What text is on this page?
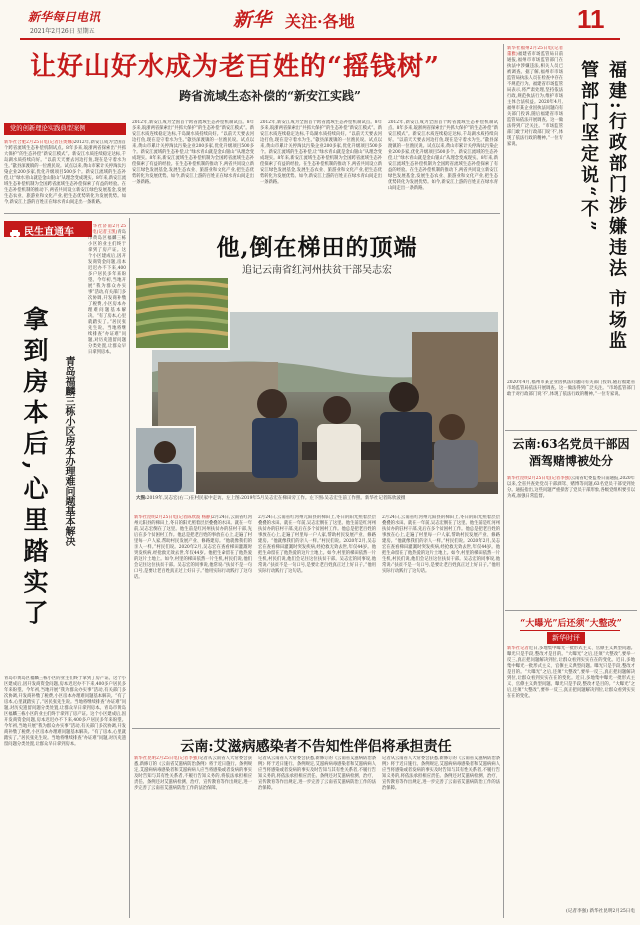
新华每日电讯
2021年2月26日 星期五
新华 关注·各地	11
让好山好水成为老百姓的“摇钱树”
跨省流域生态补偿的“新安江实践”
党的创新理论实践典型案例
新华社合肥2月25日电(记者汪奥娜)2012年,新安江成为全国首个跨省流域生态补偿机制试点。8年多来,皖浙两省探索出“共抓大保护”的生态补偿“新安江模式”。新安江水质连续稳定达标,千岛湖水质持续向好。“以前天天要去河边打鱼,现在是守着水为生。”歙县深渡镇的一位渔民说。试点以来,黄山市累计关停淘汰污染企业200多家,优化升级项目500多个。新安江流域的生态补偿,让“绿水青山就是金山银山”从理念变成现实。8年来,新安江流域生态补偿机制为全国跨省流域生态补偿探索了有益的经验。在生态补偿机制的推动下,两省共同设立新安江绿色发展基金,发展生态农业、旅游业和文化产业,把生态优势转化为发展优势。如今,新安江上游的百姓正在绿水青山间走出一条新路。
2012年,新安江成为全国首个跨省流域生态补偿机制试点。8年多来,皖浙两省探索出“共抓大保护”的生态补偿“新安江模式”。新安江水质连续稳定达标,千岛湖水质持续向好。“以前天天要去河边打鱼,现在是守着水为生。”歙县深渡镇的一位渔民说。试点以来,黄山市累计关停淘汰污染企业200多家,优化升级项目500多个。新安江流域的生态补偿,让“绿水青山就是金山银山”从理念变成现实。8年来,新安江流域生态补偿机制为全国跨省流域生态补偿探索了有益的经验。在生态补偿机制的推动下,两省共同设立新安江绿色发展基金,发展生态农业、旅游业和文化产业,把生态优势转化为发展优势。如今,新安江上游的百姓正在绿水青山间走出一条新路。
2012年,新安江成为全国首个跨省流域生态补偿机制试点。8年多来,皖浙两省探索出“共抓大保护”的生态补偿“新安江模式”。新安江水质连续稳定达标,千岛湖水质持续向好。“以前天天要去河边打鱼,现在是守着水为生。”歙县深渡镇的一位渔民说。试点以来,黄山市累计关停淘汰污染企业200多家,优化升级项目500多个。新安江流域的生态补偿,让“绿水青山就是金山银山”从理念变成现实。8年来,新安江流域生态补偿机制为全国跨省流域生态补偿探索了有益的经验。在生态补偿机制的推动下,两省共同设立新安江绿色发展基金,发展生态农业、旅游业和文化产业,把生态优势转化为发展优势。如今,新安江上游的百姓正在绿水青山间走出一条新路。
2012年,新安江成为全国首个跨省流域生态补偿机制试点。8年多来,皖浙两省探索出“共抓大保护”的生态补偿“新安江模式”。新安江水质连续稳定达标,千岛湖水质持续向好。“以前天天要去河边打鱼,现在是守着水为生。”歙县深渡镇的一位渔民说。试点以来,黄山市累计关停淘汰污染企业200多家,优化升级项目500多个。新安江流域的生态补偿,让“绿水青山就是金山银山”从理念变成现实。8年来,新安江流域生态补偿机制为全国跨省流域生态补偿探索了有益的经验。在生态补偿机制的推动下,两省共同设立新安江绿色发展基金,发展生态农业、旅游业和文化产业,把生态优势转化为发展优势。如今,新安江上游的百姓正在绿水青山间走出一条新路。
民生直通车
拿到房本后,心里踏实了	青岛福麟三栋小区房本办理难问题基本解决
新华社济南2月25日电(记者王凯)青岛市黄岛区福麟三栋小区的业主们终于拿到了房产证。这个小区建成后,因开发商资金问题,房本迟迟办不下来,400多户居民多年来盼望。今年初,当地开展“我为群众办实事”活动,有关部门多次协调,开发商补缴了税费,小区房本办理难问题基本解决。“有了房本,心里就踏实了。”居民张先生说。当地将继续排查“办证难”问题,对历史遗留问题分类处置,让群众早日拿到房本。
青岛市黄岛区福麟三栋小区的业主们终于拿到了房产证。这个小区建成后,因开发商资金问题,房本迟迟办不下来,400多户居民多年来盼望。今年初,当地开展“我为群众办实事”活动,有关部门多次协调,开发商补缴了税费,小区房本办理难问题基本解决。“有了房本,心里就踏实了。”居民张先生说。当地将继续排查“办证难”问题,对历史遗留问题分类处置,让群众早日拿到房本。青岛市黄岛区福麟三栋小区的业主们终于拿到了房产证。这个小区建成后,因开发商资金问题,房本迟迟办不下来,400多户居民多年来盼望。今年初,当地开展“我为群众办实事”活动,有关部门多次协调,开发商补缴了税费,小区房本办理难问题基本解决。“有了房本,心里就踏实了。”居民张先生说。当地将继续排查“办证难”问题,对历史遗留问题分类处置,让群众早日拿到房本。
他,倒在梯田的顶端
追记云南省红河州扶贫干部吴志宏
大图:2019年,吴志宏(右二)在村民家中走访。左上图:2019年5月吴志宏在梯田旁工作。左下图:吴志宏生前工作照。新华社记者陈欣波摄
新华社昆明2月25日电(记者陈欣波 杨静)2月24日,云南省红河州元阳县的梯田上,冬日的阳光照着层层叠叠的水田。就在一年前,吴志宏倒在了这里。他生前是红河州扶贫办的驻村干部,先后在多个贫困村工作。他总是把老百姓的事放在心上,走遍了村里每一户人家,帮助村民发展产业、修路建房。“他就像我们的亲人一样。”村民们说。2020年2月,吴志宏在查看梯田灌溉时突发疾病,经抢救无效去世,年仅44岁。他把生命留在了他热爱的这片土地上。如今,村里的梯田依然一片生机,村民们说,他们会记住这位扶贫干部。吴志宏的同事说,他常说:“扶贫不是一句口号,是要让老百姓真正过上好日子。”他用实际行动践行了这句话。
2月24日,云南省红河州元阳县的梯田上,冬日的阳光照着层层叠叠的水田。就在一年前,吴志宏倒在了这里。他生前是红河州扶贫办的驻村干部,先后在多个贫困村工作。他总是把老百姓的事放在心上,走遍了村里每一户人家,帮助村民发展产业、修路建房。“他就像我们的亲人一样。”村民们说。2020年2月,吴志宏在查看梯田灌溉时突发疾病,经抢救无效去世,年仅44岁。他把生命留在了他热爱的这片土地上。如今,村里的梯田依然一片生机,村民们说,他们会记住这位扶贫干部。吴志宏的同事说,他常说:“扶贫不是一句口号,是要让老百姓真正过上好日子。”他用实际行动践行了这句话。
2月24日,云南省红河州元阳县的梯田上,冬日的阳光照着层层叠叠的水田。就在一年前,吴志宏倒在了这里。他生前是红河州扶贫办的驻村干部,先后在多个贫困村工作。他总是把老百姓的事放在心上,走遍了村里每一户人家,帮助村民发展产业、修路建房。“他就像我们的亲人一样。”村民们说。2020年2月,吴志宏在查看梯田灌溉时突发疾病,经抢救无效去世,年仅44岁。他把生命留在了他热爱的这片土地上。如今,村里的梯田依然一片生机,村民们说,他们会记住这位扶贫干部。吴志宏的同事说,他常说:“扶贫不是一句口号,是要让老百姓真正过上好日子。”他用实际行动践行了这句话。
云南:艾滋病感染者不告知性伴侣将承担责任
新华社昆明2月25日电(记者李强)记者从云南省人大常委会获悉,新修订的《云南省艾滋病防治条例》将于近日施行。条例规定,艾滋病病毒感染者和艾滋病病人应当将感染或者发病的事实及时告知与其有性关系者,不履行告知义务的,将依法承担相应责任。条例还对艾滋病检测、治疗、宣传教育等作出规定,进一步完善了云南省艾滋病防治工作的法治保障。
记者从云南省人大常委会获悉,新修订的《云南省艾滋病防治条例》将于近日施行。条例规定,艾滋病病毒感染者和艾滋病病人应当将感染或者发病的事实及时告知与其有性关系者,不履行告知义务的,将依法承担相应责任。条例还对艾滋病检测、治疗、宣传教育等作出规定,进一步完善了云南省艾滋病防治工作的法治保障。
记者从云南省人大常委会获悉,新修订的《云南省艾滋病防治条例》将于近日施行。条例规定,艾滋病病毒感染者和艾滋病病人应当将感染或者发病的事实及时告知与其有性关系者,不履行告知义务的,将依法承担相应责任。条例还对艾滋病检测、治疗、宣传教育等作出规定,进一步完善了云南省艾滋病防治工作的法治保障。
新华社福州2月25日电(记者董雅)福建省市场监管局日前通报,福州市市场监管部门在执法中涉嫌违法,相关人员已被调查。据了解,福州市市场监管局执法人员在检查中存在不规范行为。福建省市场监管局表示,将严肃处理,坚持依法行政,规范执法行为,维护市场主体合法权益。2020年4月,福州市某企业因执法问题向有关部门投诉,随后福建省市场监管局依法开展调查。这一做法得到广泛关注。“市场监管部门敢于对行政部门说‘不’,体现了依法行政的精神。”一位专家说。	福建:行政部门涉嫌违法 市场监管部门坚定说“不”
2020年4月,福州市某企业因执法问题向有关部门投诉,随后福建省市场监管局依法开展调查。这一做法得到广泛关注。“市场监管部门敢于对行政部门说‘不’,体现了依法行政的精神。”一位专家说。
云南:63名党员干部因酒驾赌博被处分
新华社昆明2月25日电(记者李强)云南省纪委监委日前通报,2020年以来,全省共查处党员干部酒驾、赌博等问题,63名党员干部受到处分。通报指出,这些问题严重损害了党员干部形象,各级党组织要引以为戒,加强日常监督。
“大曝光”后还须“大整改”
新华时评
新华社记者近日,多地集中曝光一批形式主义、官僚主义典型问题。曝光只是手段,整改才是目的。“大曝光”之后,还须“大整改”,要举一反三,真正把问题解决到位,让群众看到实实在在的变化。近日,多地集中曝光一批形式主义、官僚主义典型问题。曝光只是手段,整改才是目的。“大曝光”之后,还须“大整改”,要举一反三,真正把问题解决到位,让群众看到实实在在的变化。近日,多地集中曝光一批形式主义、官僚主义典型问题。曝光只是手段,整改才是目的。“大曝光”之后,还须“大整改”,要举一反三,真正把问题解决到位,让群众看到实实在在的变化。
(记者李强) 新华社昆明2月25日电
